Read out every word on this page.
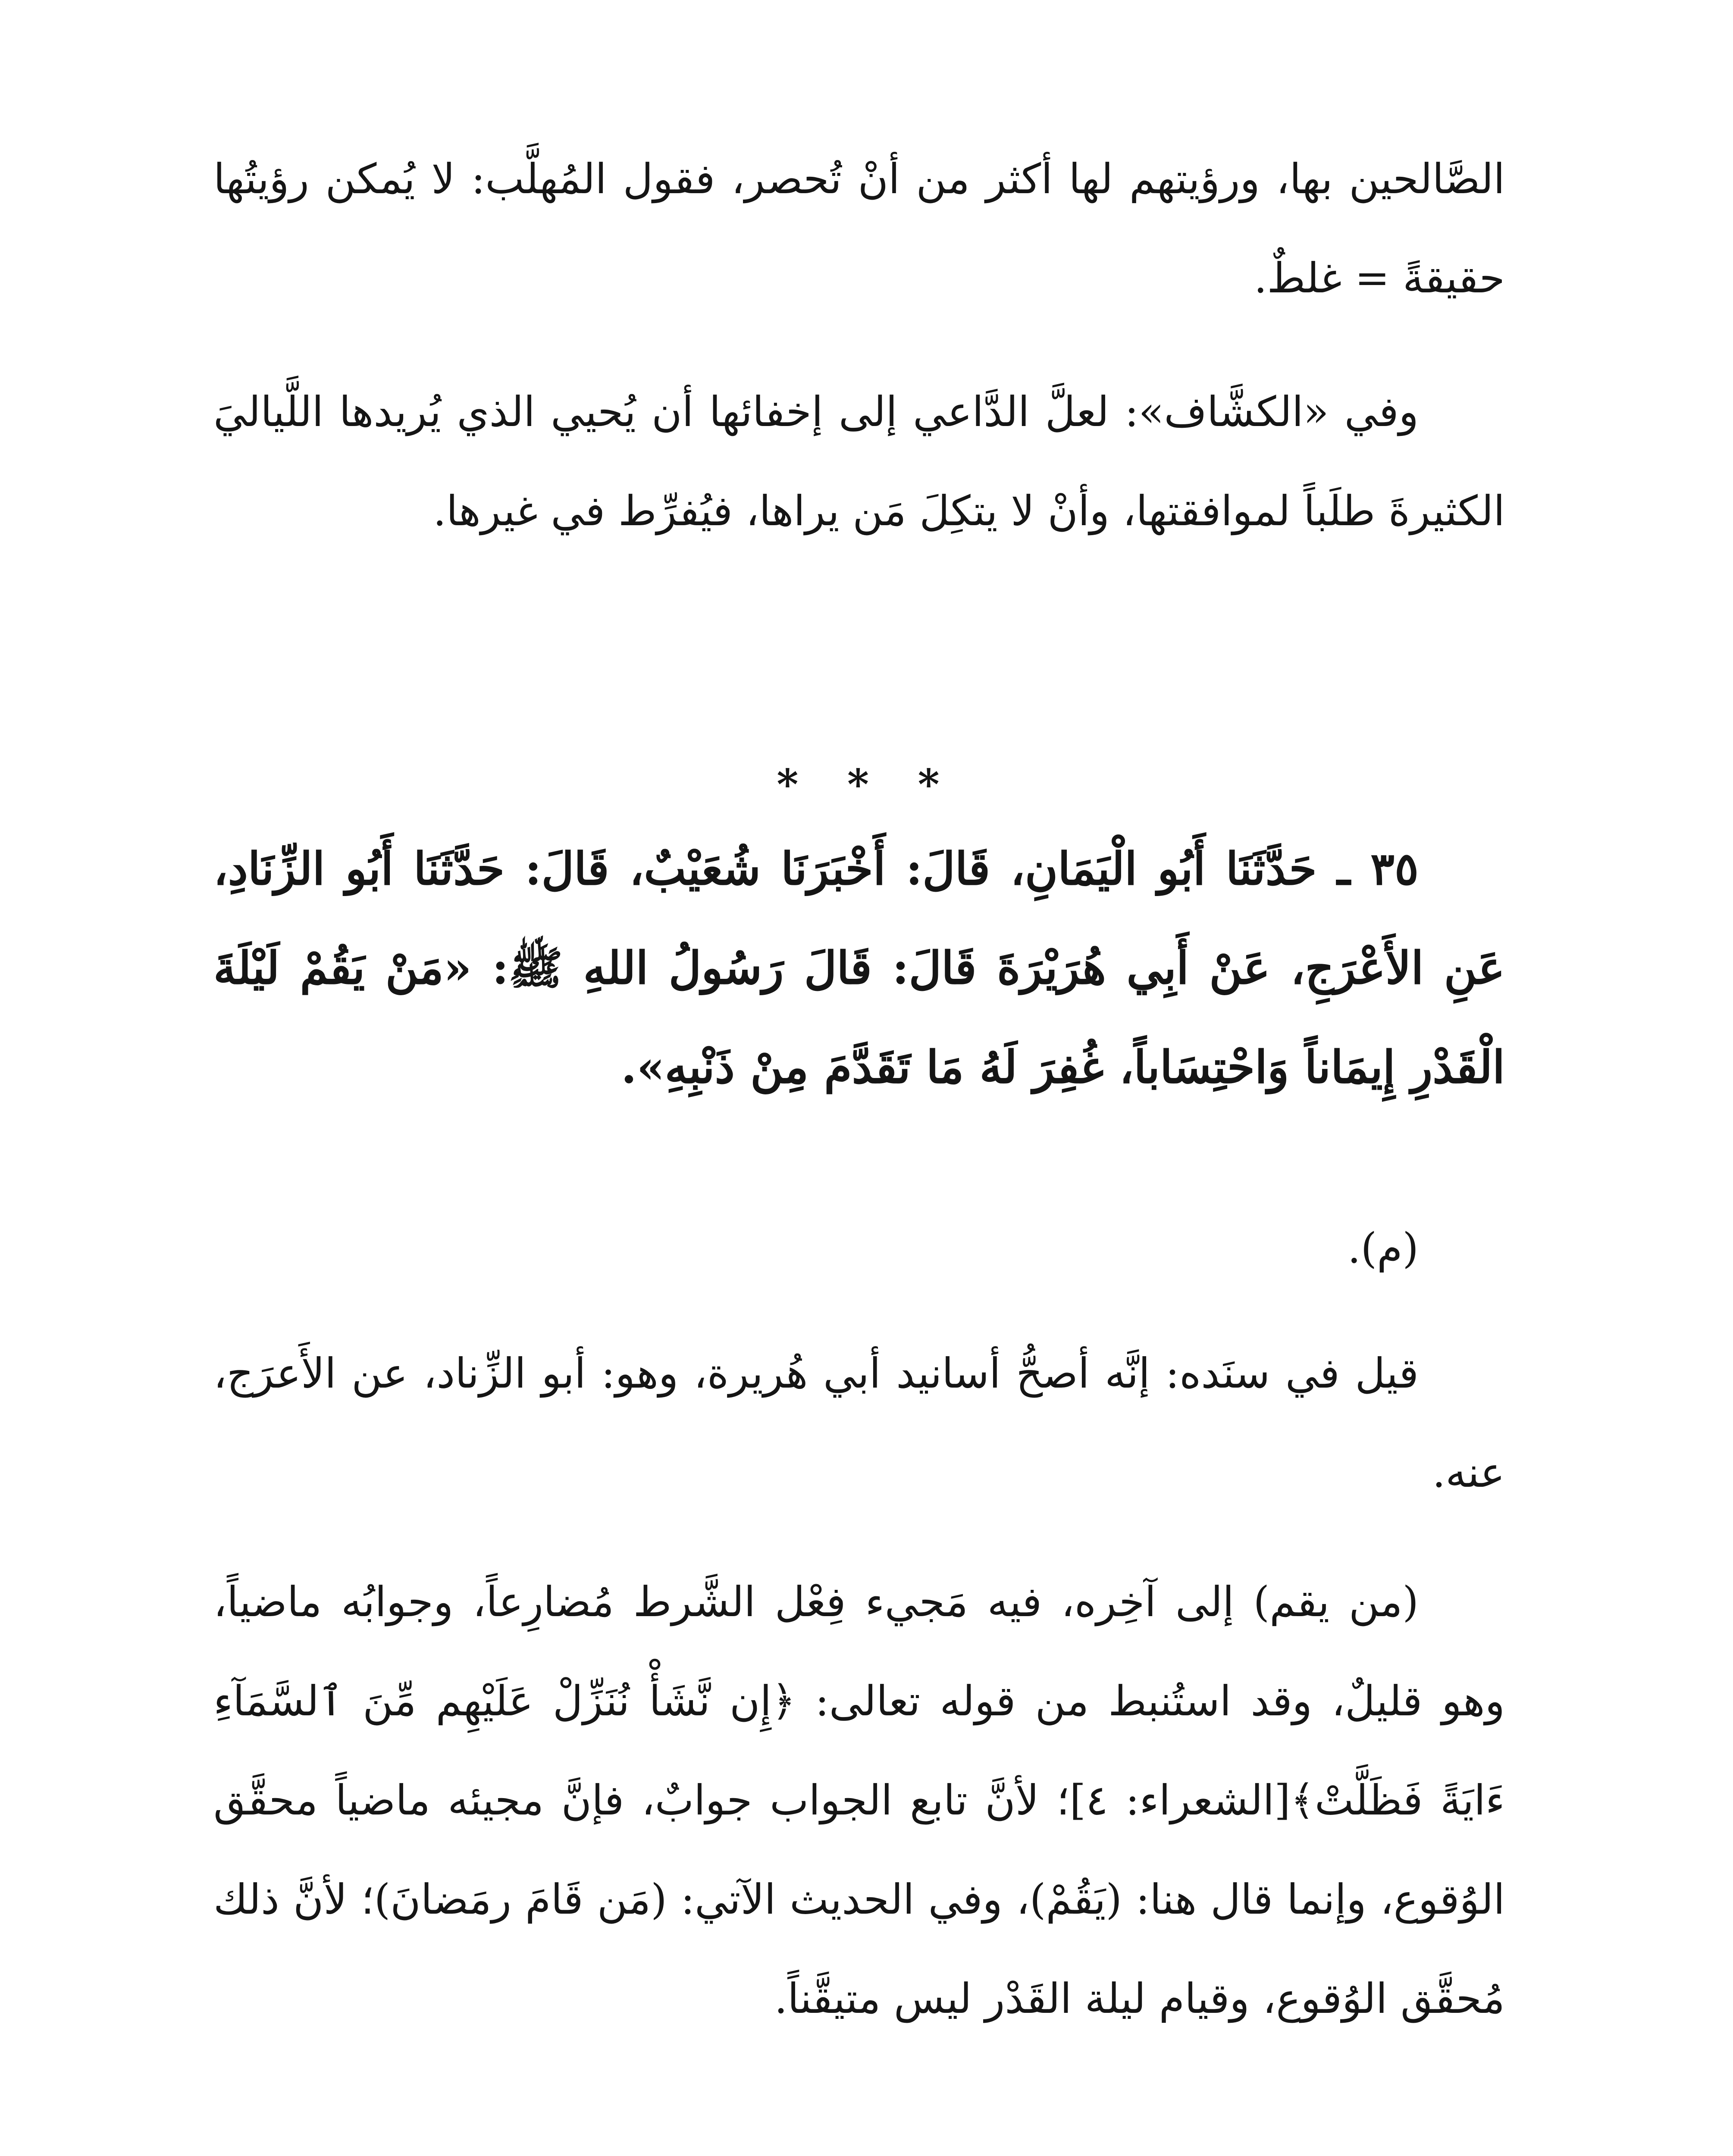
الصَّالحين بها، ورؤيتهم لها أكثر من أنْ تُحصر، فقول المُهلَّب: لا يُمكن رؤيتُها حقيقةً = غلطٌ.

وفي «الكشَّاف»: لعلَّ الدَّاعي إلى إخفائها أن يُحيي الذي يُريدها اللَّياليَ الكثيرةَ طلَباً لموافقتها، وأنْ لا يتكِلَ مَن يراها، فيُفرِّط في غيرها.

* * *

٣٥ ـ حَدَّثَنَا أَبُو الْيَمَانِ، قَالَ: أَخْبَرَنَا شُعَيْبٌ، قَالَ: حَدَّثَنَا أَبُو الزِّنَادِ، عَنِ الأَعْرَجِ، عَنْ أَبِي هُرَيْرَةَ قَالَ: قَالَ رَسُولُ اللهِ ﷺ: «مَنْ يَقُمْ لَيْلَةَ الْقَدْرِ إِيمَاناً وَاحْتِسَاباً، غُفِرَ لَهُ مَا تَقَدَّمَ مِنْ ذَنْبِهِ».

(م).

قيل في سنَده: إنَّه أصحُّ أسانيد أبي هُريرة، وهو: أبو الزِّناد، عن الأَعرَج، عنه.

(من يقم) إلى آخِره، فيه مَجيء فِعْل الشَّرط مُضارِعاً، وجوابُه ماضياً، وهو قليلٌ، وقد استُنبط من قوله تعالى: ﴿إِن نَّشَأْ نُنَزِّلْ عَلَيْهِم مِّنَ ٱلسَّمَآءِ ءَايَةً فَظَلَّتْ﴾[الشعراء: ٤]؛ لأنَّ تابع الجواب جوابٌ، فإنَّ مجيئه ماضياً محقَّق الوُقوع، وإنما قال هنا: (يَقُمْ)، وفي الحديث الآتي: (مَن قَامَ رمَضانَ)؛ لأنَّ ذلك مُحقَّق الوُقوع، وقيام ليلة القَدْر ليس متيقَّناً.
